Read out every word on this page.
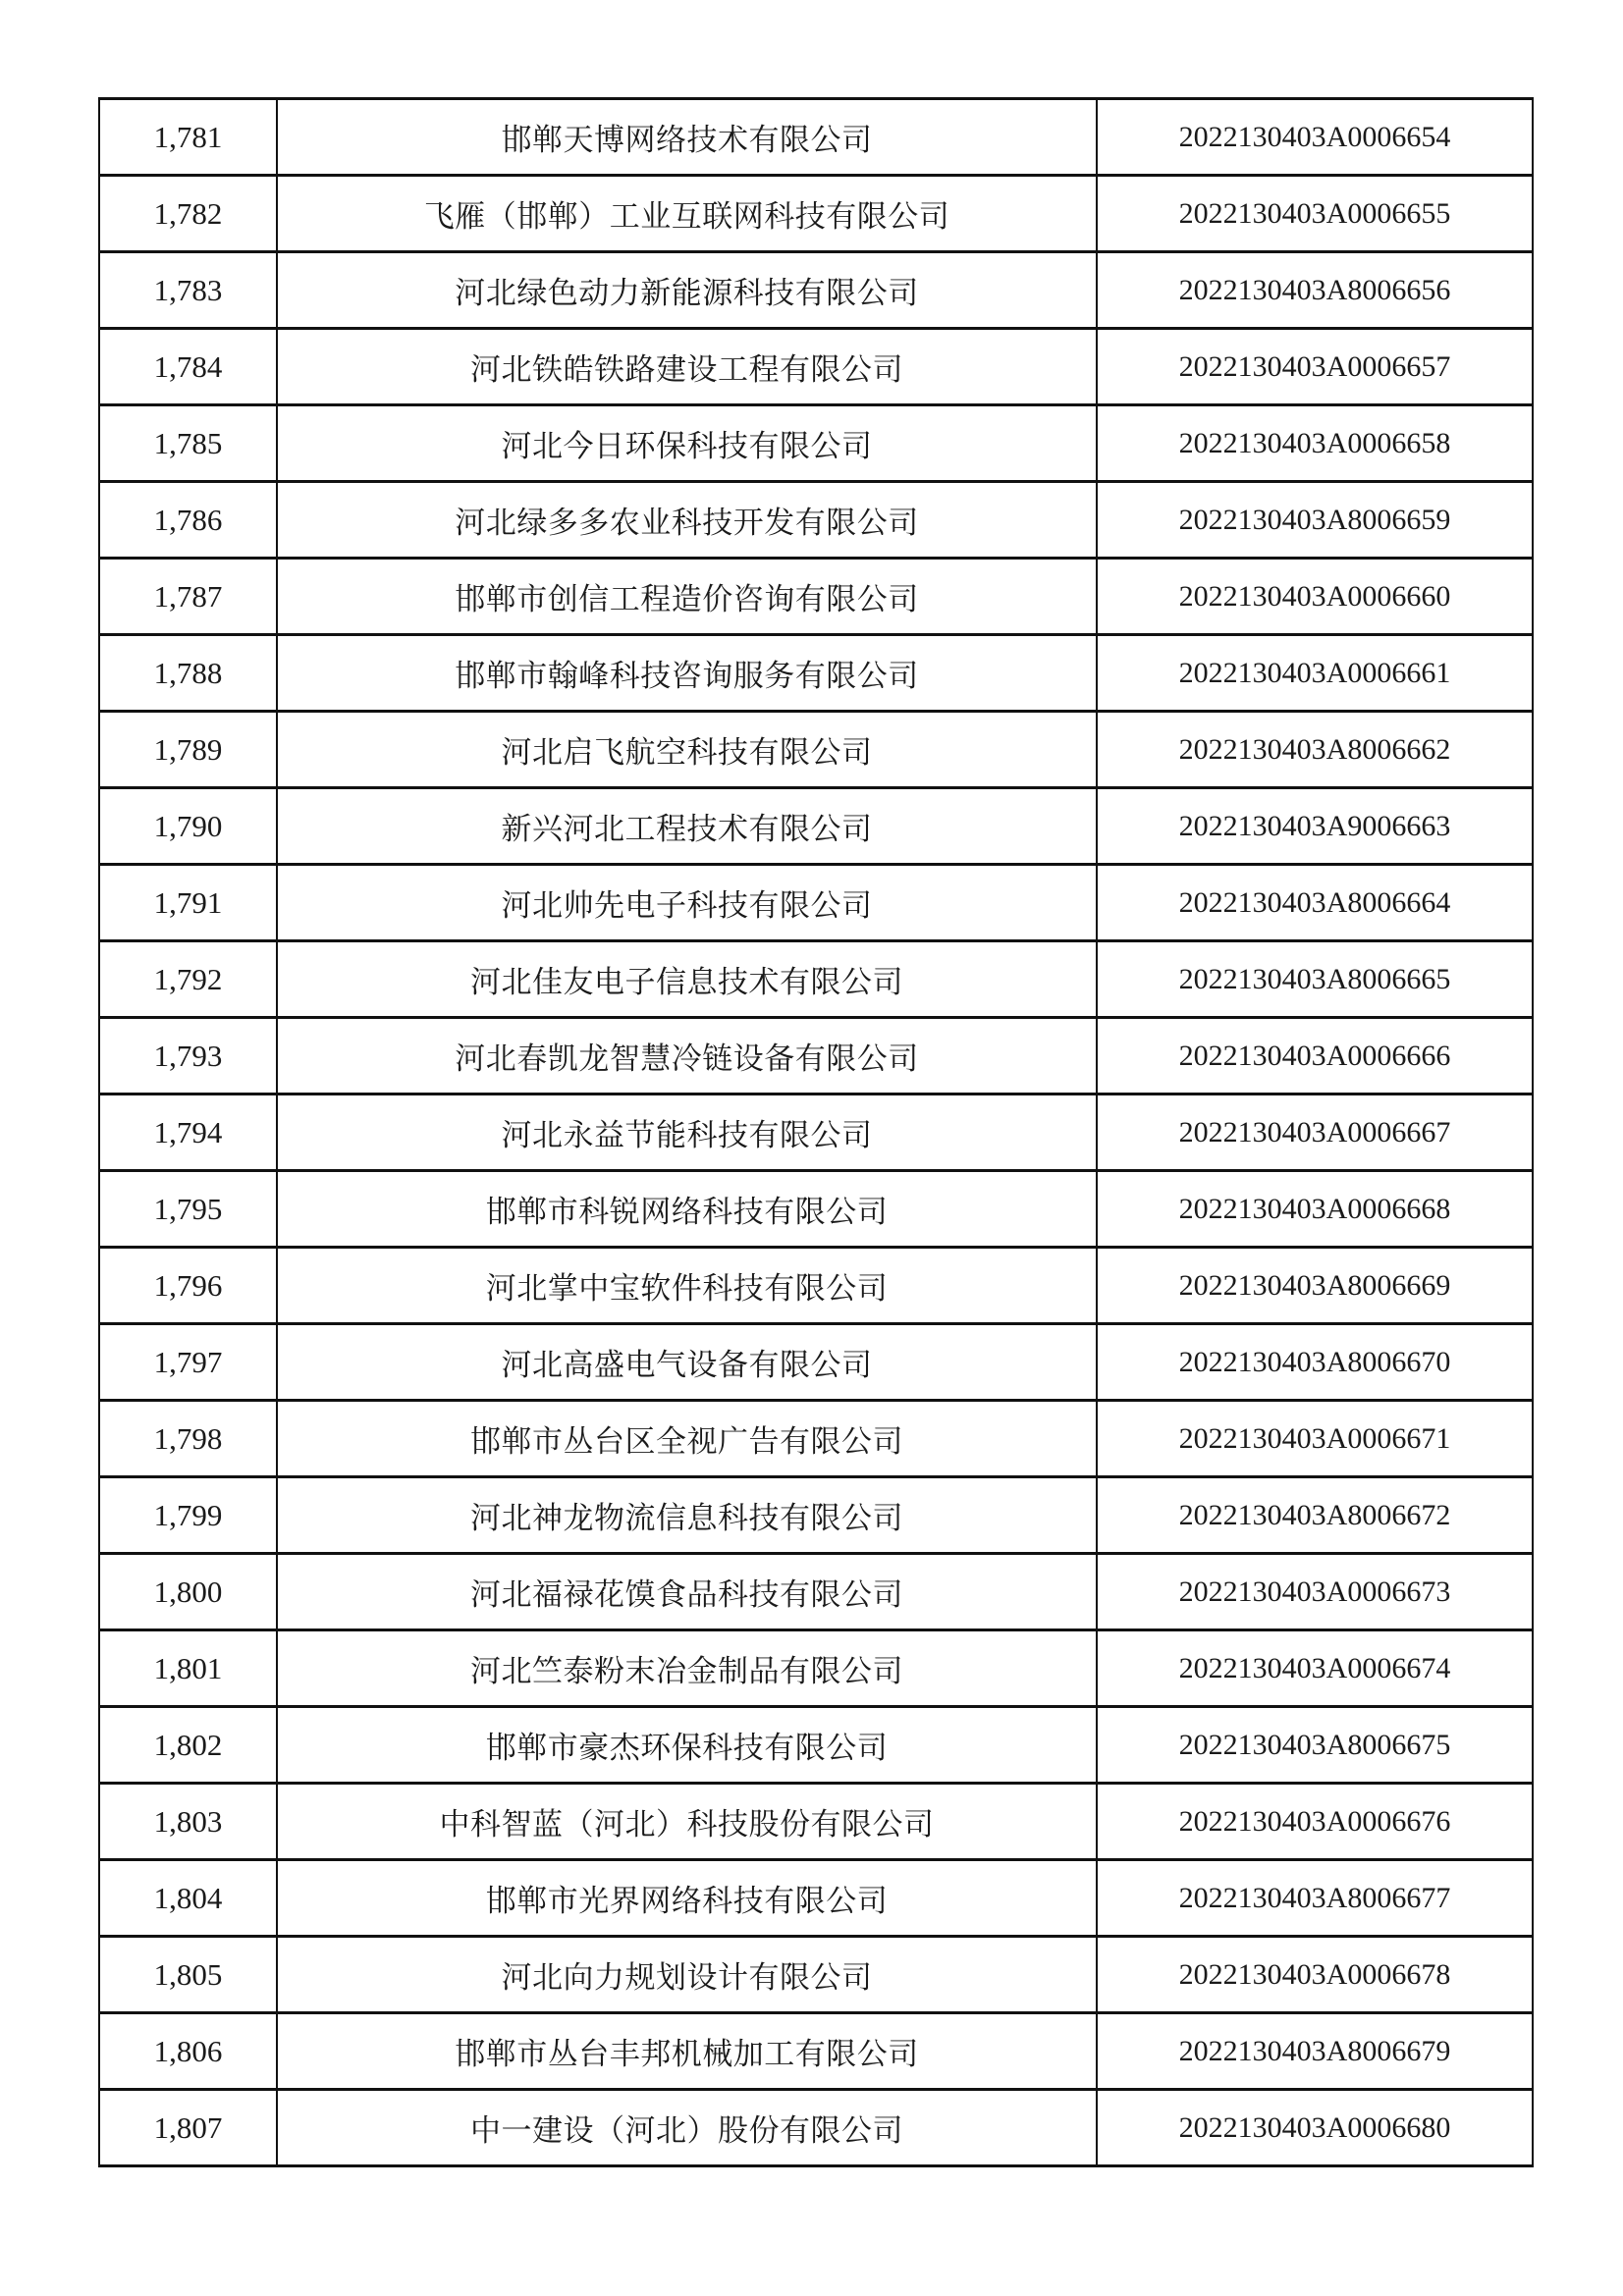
1,781	邯郸天博网络技术有限公司	2022130403A0006654
1,782	飞雁（邯郸）工业互联网科技有限公司	2022130403A0006655
1,783	河北绿色动力新能源科技有限公司	2022130403A8006656
1,784	河北铁皓铁路建设工程有限公司	2022130403A0006657
1,785	河北今日环保科技有限公司	2022130403A0006658
1,786	河北绿多多农业科技开发有限公司	2022130403A8006659
1,787	邯郸市创信工程造价咨询有限公司	2022130403A0006660
1,788	邯郸市翰峰科技咨询服务有限公司	2022130403A0006661
1,789	河北启飞航空科技有限公司	2022130403A8006662
1,790	新兴河北工程技术有限公司	2022130403A9006663
1,791	河北帅先电子科技有限公司	2022130403A8006664
1,792	河北佳友电子信息技术有限公司	2022130403A8006665
1,793	河北春凯龙智慧冷链设备有限公司	2022130403A0006666
1,794	河北永益节能科技有限公司	2022130403A0006667
1,795	邯郸市科锐网络科技有限公司	2022130403A0006668
1,796	河北掌中宝软件科技有限公司	2022130403A8006669
1,797	河北高盛电气设备有限公司	2022130403A8006670
1,798	邯郸市丛台区全视广告有限公司	2022130403A0006671
1,799	河北神龙物流信息科技有限公司	2022130403A8006672
1,800	河北福禄花馍食品科技有限公司	2022130403A0006673
1,801	河北竺泰粉末冶金制品有限公司	2022130403A0006674
1,802	邯郸市豪杰环保科技有限公司	2022130403A8006675
1,803	中科智蓝（河北）科技股份有限公司	2022130403A0006676
1,804	邯郸市光界网络科技有限公司	2022130403A8006677
1,805	河北向力规划设计有限公司	2022130403A0006678
1,806	邯郸市丛台丰邦机械加工有限公司	2022130403A8006679
1,807	中一建设（河北）股份有限公司	2022130403A0006680
